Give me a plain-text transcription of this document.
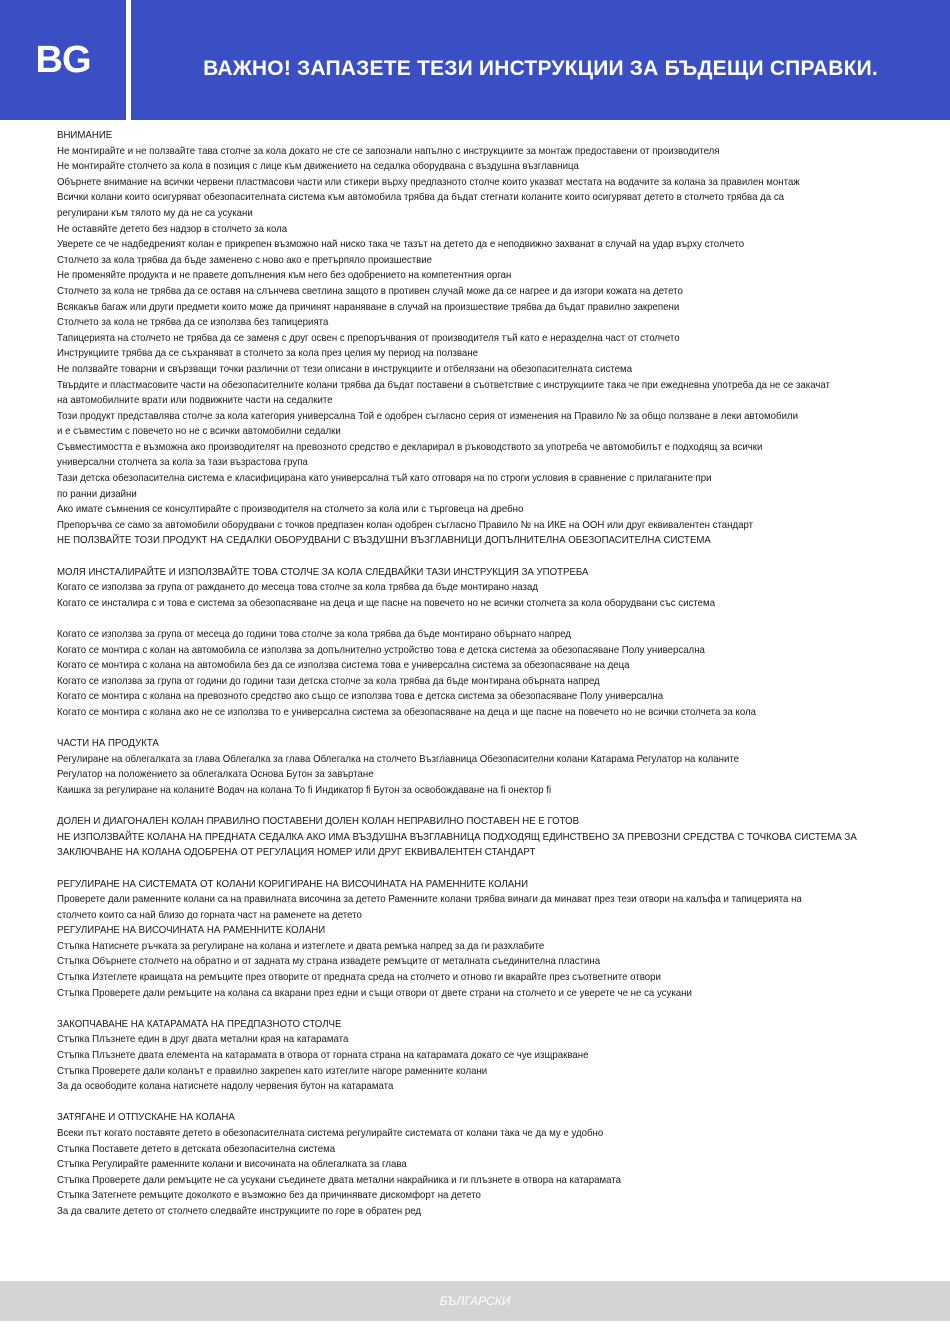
BG	ВАЖНО! ЗАПАЗЕТЕ ТЕЗИ ИНСТРУКЦИИ ЗА БЪДЕЩИ СПРАВКИ.
ВНИМАНИЕ
Не монтирайте и не ползвайте тава столче за кола докато не сте се запознали напълно с инструкциите за монтаж предоставени от производителя
Не монтирайте столчето за кола в позиция с лице към движението на седалка оборудвана с въздушна възглавница
Обърнете внимание на всички червени пластмасови части или стикери върху предпазното столче които указват местата на водачите за колана за правилен монтаж
Всички колани които осигуряват обезопасителната система към автомобила трябва да бъдат стегнати коланите които осигуряват детето в столчето трябва да са
регулирани към тялото му да не са усукани
Не оставяйте детето без надзор в столчето за кола
Уверете се че надбедреният колан е прикрепен възможно най ниско така че тазът на детето да е неподвижно захванат в случай на удар върху столчето
Столчето за кола трябва да бъде заменено с ново ако е претърпяло произшествие
Не променяйте продукта и не правете допълнения към него без одобрението на компетентния орган
Столчето за кола не трябва да се оставя на слънчева светлина защото в противен случай може да се нагрее и да изгори кожата на детето
Всякакъв багаж или други предмети които може да причинят нараняване в случай на произшествие трябва да бъдат правилно закрепени
Столчето за кола не трябва да се използва без тапицерията
Тапицерията на столчето не трябва да се заменя с друг освен с препоръчвания от производителя тъй като е неразделна част от столчето
Инструкциите трябва да се съхраняват в столчето за кола през целия му период на ползване
Не ползвайте товарни и свързващи точки различни от тези описани в инструкциите и отбелязани на обезопасителната система
Твърдите и пластмасовите части на обезопасителните колани трябва да бъдат поставени в съответствие с инструкциите така че при ежедневна употреба да не се закачат
на автомобилните врати или подвижните части на седалките
Този продукт представлява столче за кола категория универсална Той е одобрен съгласно серия от изменения на Правило № за общо ползване в леки автомобили
и е съвместим с повечето но не с всички автомобилни седалки
Съвместимостта е възможна ако производителят на превозното средство е декларирал в ръководството за употреба че автомобилът е подходящ за всички
универсални столчета за кола за тази възрастова група
Тази детска обезопасителна система е класифицирана като универсална тъй като отговаря на по строги условия в сравнение с прилаганите при
по ранни дизайни
Ако имате съмнения се консултирайте с производителя на столчето за кола или с търговеца на дребно
Препоръчва се само за автомобили оборудвани с точков предпазен колан одобрен съгласно Правило № на ИКЕ на ООН или друг еквивалентен стандарт
НЕ ПОЛЗВАЙТЕ ТОЗИ ПРОДУКТ НА СЕДАЛКИ ОБОРУДВАНИ С ВЪЗДУШНИ ВЪЗГЛАВНИЦИ ДОПЪЛНИТЕЛНА ОБЕЗОПАСИТЕЛНА СИСТЕМА
МОЛЯ ИНСТАЛИРАЙТЕ И ИЗПОЛЗВАЙТЕ ТОВА СТОЛЧЕ ЗА КОЛА СЛЕДВАЙКИ ТАЗИ ИНСТРУКЦИЯ ЗА УПОТРЕБА
Когато се използва за група от раждането до месеца това столче за кола трябва да бъде монтирано назад
Когато се инсталира с и това е система за обезопасяване на деца и ще пасне на повечето но не всички столчета за кола оборудвани със система
Когато се използва за група от месеца до години това столче за кола трябва да бъде монтирано обърнато напред
Когато се монтира с колан на автомобила се използва за допълнително устройство това е детска система за обезопасяване Полу универсална
Когато се монтира с колана на автомобила без да се използва система това е универсална система за обезопасяване на деца
Когато се използва за група от години до години тази детска столче за кола трябва да бъде монтирана обърната напред
Когато се монтира с колана на превозното средство ако също се използва това е детска система за обезопасяване Полу универсална
Когато се монтира с колана ако не се използва то е универсална система за обезопасяване на деца и ще пасне на повечето но не всички столчета за кола
ЧАСТИ НА ПРОДУКТА
Регулиране на облегалката за глава Облегалка за глава Облегалка на столчето Възглавница Обезопасителни колани Катарама Регулатор на коланите
Регулатор на положението за облегалката Основа Бутон за завъртане
Каишка за регулиране на коланите Водач на колана То fi Индикатор fi Бутон за освобождаване на fi онектор fi
ДОЛЕН И ДИАГОНАЛЕН КОЛАН ПРАВИЛНО ПОСТАВЕНИ ДОЛЕН КОЛАН НЕПРАВИЛНО ПОСТАВЕН НЕ Е ГОТОВ
НЕ ИЗПОЛЗВАЙТЕ КОЛАНА НА ПРЕДНАТА СЕДАЛКА АКО ИМА ВЪЗДУШНА ВЪЗГЛАВНИЦА ПОДХОДЯЩ ЕДИНСТВЕНО ЗА ПРЕВОЗНИ СРЕДСТВА С ТОЧКОВА СИСТЕМА ЗА
ЗАКЛЮЧВАНЕ НА КОЛАНА ОДОБРЕНА ОТ РЕГУЛАЦИЯ НОМЕР ИЛИ ДРУГ ЕКВИВАЛЕНТЕН СТАНДАРТ
РЕГУЛИРАНЕ НА СИСТЕМАТА ОТ КОЛАНИ КОРИГИРАНЕ НА ВИСОЧИНАТА НА РАМЕННИТЕ КОЛАНИ
Проверете дали раменните колани са на правилната височина за детето Раменните колани трябва винаги да минават през тези отвори на калъфа и тапицерията на
столчето които са най близо до горната част на раменете на детето
РЕГУЛИРАНЕ НА ВИСОЧИНАТА НА РАМЕННИТЕ КОЛАНИ
Стъпка Натиснете ръчката за регулиране на колана и изтеглете и двата ремъка напред за да ги разхлабите
Стъпка Обърнете столчето на обратно и от задната му страна извадете ремъците от металната съединителна пластина
Стъпка Изтеглете краищата на ремъците през отворите от предната среда на столчето и отново ги вкарайте през съответните отвори
Стъпка Проверете дали ремъците на колана са вкарани през едни и същи отвори от двете страни на столчето и се уверете че не са усукани
ЗАКОПЧАВАНЕ НА КАТАРАМАТА НА ПРЕДПАЗНОТО СТОЛЧЕ
Стъпка Плъзнете един в друг двата метални края на катарамата
Стъпка Плъзнете двата елемента на катарамата в отвора от горната страна на катарамата докато се чуе изщракване
Стъпка Проверете дали коланът е правилно закрепен като изтеглите нагоре раменните колани
За да освободите колана натиснете надолу червения бутон на катарамата
ЗАТЯГАНЕ И ОТПУСКАНЕ НА КОЛАНА
Всеки път когато поставяте детето в обезопасителната система регулирайте системата от колани така че да му е удобно
Стъпка Поставете детето в детската обезопасителна система
Стъпка Регулирайте раменните колани и височината на облегалката за глава
Стъпка Проверете дали ремъците не са усукани съединете двата метални накрайника и ги плъзнете в отвора на катарамата
Стъпка Затегнете ремъците доколкото е възможно без да причинявате дискомфорт на детето
За да свалите детето от столчето следвайте инструкциите по горе в обратен ред
БЪЛГАРСКИ
